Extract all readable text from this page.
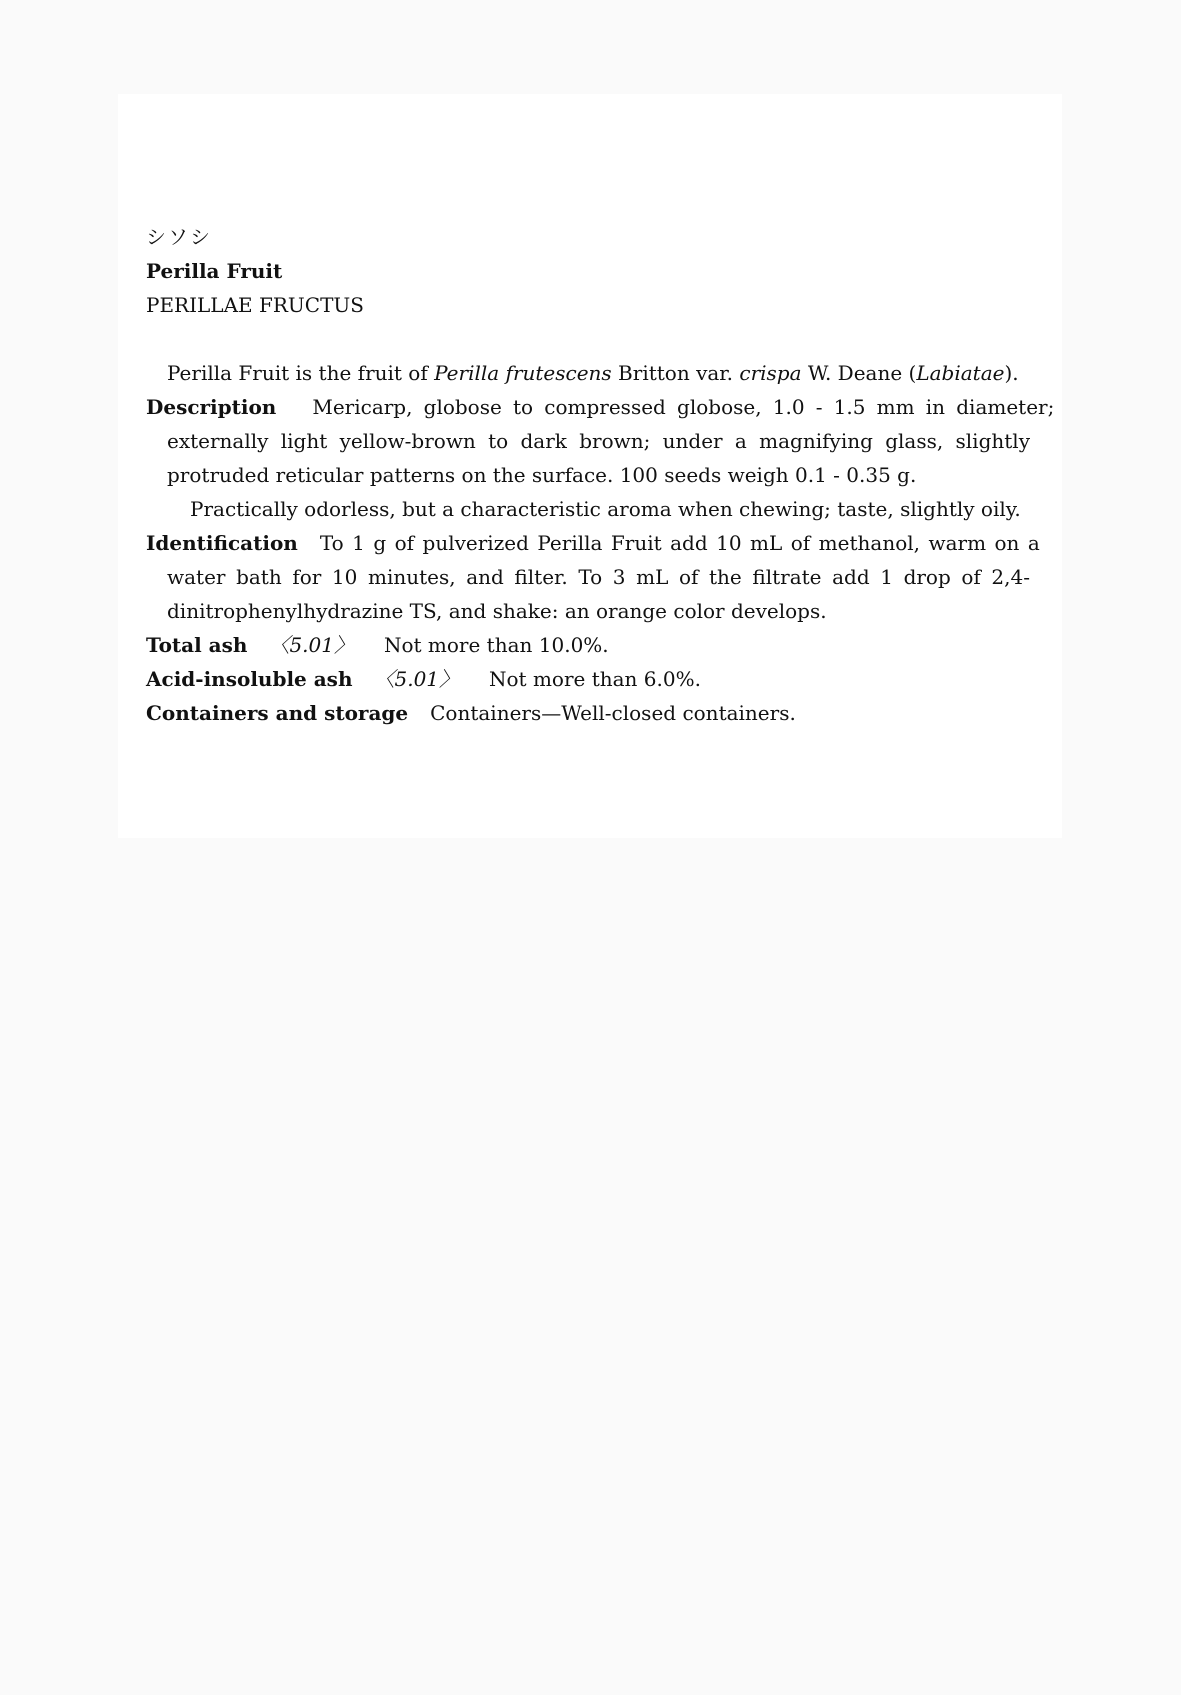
シソシ
Perilla Fruit
PERILLAE FRUCTUS
Perilla Fruit is the fruit of Perilla frutescens Britton var. crispa W. Deane (Labiatae).
Description Mericarp, globose to compressed globose, 1.0 - 1.5 mm in diameter;
externally light yellow-brown to dark brown; under a magnifying glass, slightly
protruded reticular patterns on the surface. 100 seeds weigh 0.1 - 0.35 g.
Practically odorless, but a characteristic aroma when chewing; taste, slightly oily.
Identification To 1 g of pulverized Perilla Fruit add 10 mL of methanol, warm on a
water bath for 10 minutes, and filter. To 3 mL of the filtrate add 1 drop of 2,4-
dinitrophenylhydrazine TS, and shake: an orange color develops.
Total ash 〈5.01〉 Not more than 10.0%.
Acid-insoluble ash 〈5.01〉 Not more than 6.0%.
Containers and storage Containers—Well-closed containers.
